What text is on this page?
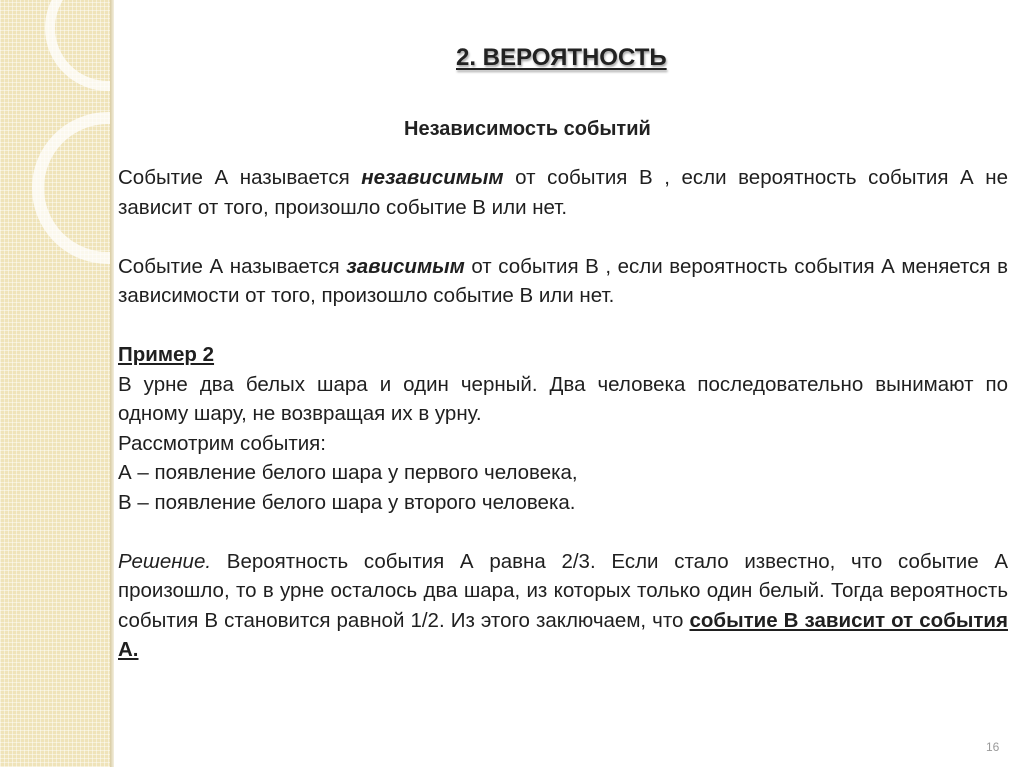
2. ВЕРОЯТНОСТЬ
Независимость событий

Событие А называется независимым от события В , если вероятность события А не зависит от того, произошло событие В или нет.

Событие А называется зависимым от события В , если вероятность события А меняется в зависимости от того, произошло событие В или нет.

Пример 2

В урне два белых шара и один черный. Два человека последовательно вынимают по одному шару, не возвращая их в урну.

Рассмотрим события:

А – появление белого шара у первого человека,

В – появление белого шара у второго человека.

Решение. Вероятность события А равна 2/3. Если стало известно, что событие А произошло, то в урне осталось два шара, из которых только один белый. Тогда вероятность события В становится равной 1/2. Из этого заключаем, что событие В зависит от события А.

16
